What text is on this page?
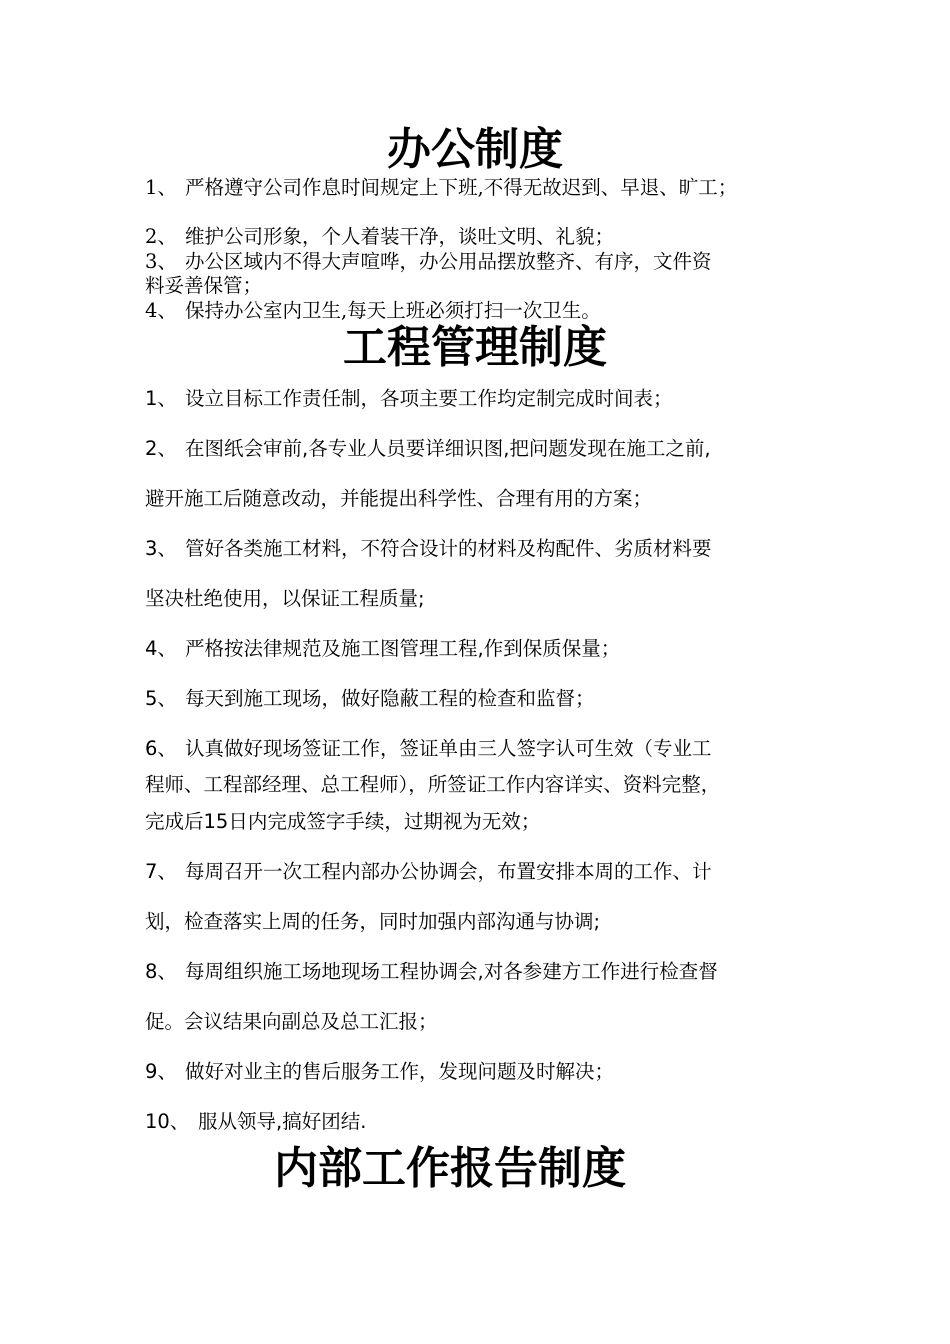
办公制度
1、 严格遵守公司作息时间规定上下班,不得无故迟到、早退、旷工；
2、 维护公司形象，个人着装干净，谈吐文明、礼貌；
3、 办公区域内不得大声喧哗，办公用品摆放整齐、有序，文件资
料妥善保管；
4、 保持办公室内卫生,每天上班必须打扫一次卫生。
工程管理制度
1、 设立目标工作责任制，各项主要工作均定制完成时间表；
2、 在图纸会审前,各专业人员要详细识图,把问题发现在施工之前,
避开施工后随意改动，并能提出科学性、合理有用的方案；
3、 管好各类施工材料，不符合设计的材料及构配件、劣质材料要
坚决杜绝使用，以保证工程质量;
4、 严格按法律规范及施工图管理工程,作到保质保量；
5、 每天到施工现场，做好隐蔽工程的检查和监督；
6、 认真做好现场签证工作，签证单由三人签字认可生效（专业工
程师、工程部经理、总工程师），所签证工作内容详实、资料完整，
完成后15日内完成签字手续，过期视为无效；
7、 每周召开一次工程内部办公协调会，布置安排本周的工作、计
划，检查落实上周的任务，同时加强内部沟通与协调;
8、 每周组织施工场地现场工程协调会,对各参建方工作进行检查督
促。会议结果向副总及总工汇报；
9、 做好对业主的售后服务工作，发现问题及时解决；
10、 服从领导,搞好团结.
内部工作报告制度
